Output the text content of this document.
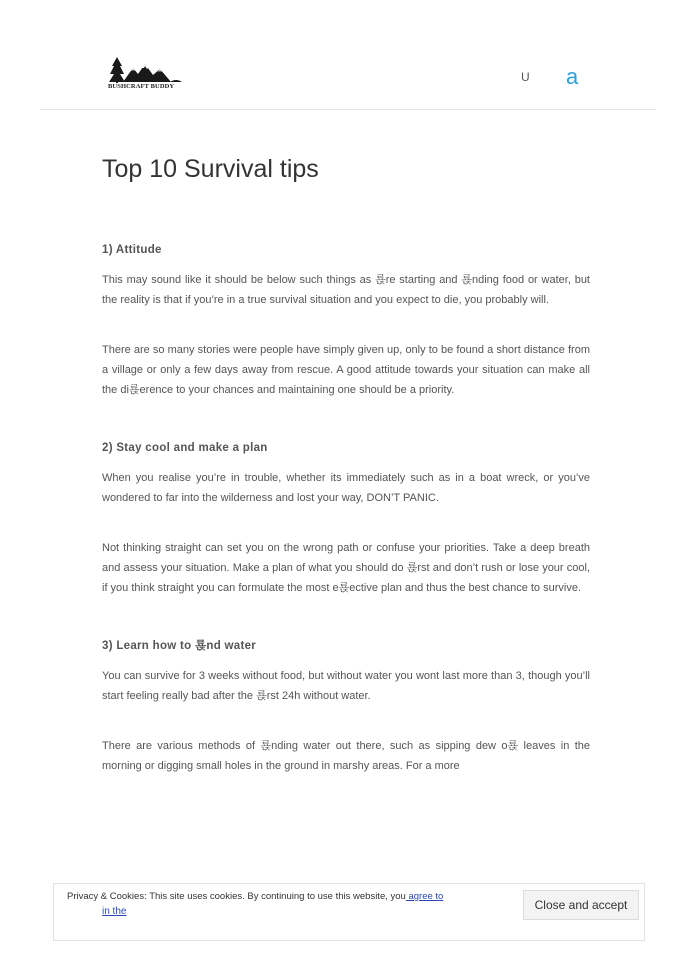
BUSHCRAFT BUDDY
U a
Top 10 Survival tips
1) Attitude

This may sound like it should be below such things as 룑re starting and 룑nding food or water, but the reality is that if you’re in a true survival situation and you expect to die, you probably will.

There are so many stories were people have simply given up, only to be found a short distance from a village or only a few days away from rescue. A good attitude towards your situation can make all the di룑erence to your chances and maintaining one should be a priority.

2) Stay cool and make a plan

When you realise you’re in trouble, whether its immediately such as in a boat wreck, or you’ve wondered to far into the wilderness and lost your way, DON’T PANIC.

Not thinking straight can set you on the wrong path or confuse your priorities. Take a deep breath and assess your situation. Make a plan of what you should do 룑rst and don’t rush or lose your cool, if you think straight you can formulate the most e룑ective plan and thus the best chance to survive.

3) Learn how to 룑nd water

You can survive for 3 weeks without food, but without water you wont last more than 3, though you’ll start feeling really bad after the 룑rst 24h without water.

There are various methods of 룑nding water out there, such as sipping dew o룑 leaves in the morning or digging small holes in the ground in marshy areas. For a more

Privacy & Cookies: This site uses cookies. By continuing to use this website, you agree to
Close and accept
in the
